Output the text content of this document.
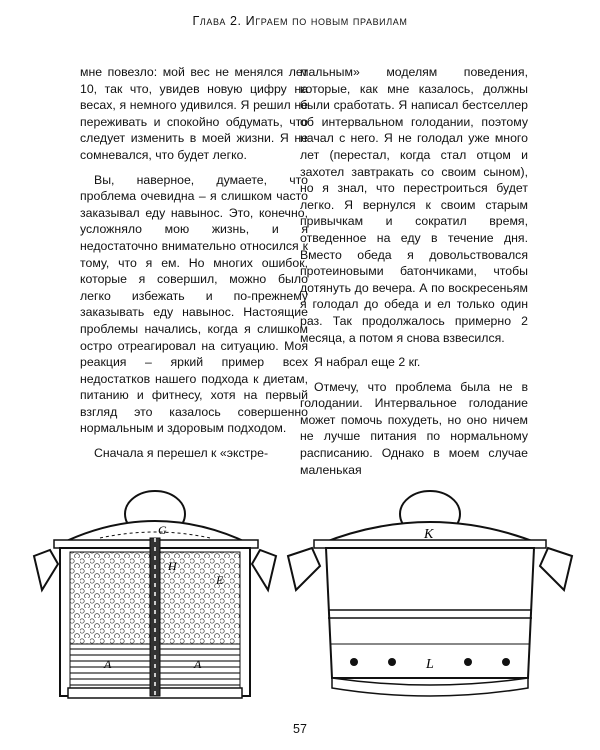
Глава 2. Играем по новым правилам

мне повезло: мой вес не менялся лет 10, так что, увидев новую цифру на весах, я немного удивился. Я решил не переживать и спокойно обдумать, что следует изменить в моей жизни. Я не сомневался, что будет легко.

Вы, наверное, думаете, что проблема очевидна – я слишком часто заказывал еду навынос. Это, конечно, усложняло мою жизнь, и я недостаточно внимательно относился к тому, что я ем. Но многих ошибок, которые я совершил, можно было легко избежать и по-прежнему заказывать еду навынос. Настоящие проблемы начались, когда я слишком остро отреагировал на ситуацию. Моя реакция – яркий пример всех недостатков нашего подхода к диетам, питанию и фитнесу, хотя на первый взгляд это казалось совершенно нормальным и здоровым подходом.

Сначала я перешел к «экстре-

мальным» моделям поведения, которые, как мне казалось, должны были сработать. Я написал бестселлер об интервальном голодании, поэтому начал с него. Я не голодал уже много лет (перестал, когда стал отцом и захотел завтракать со своим сыном), но я знал, что перестроиться будет легко. Я вернулся к своим старым привычкам и сократил время, отведенное на еду в течение дня. Вместо обеда я довольствовался протеиновыми батончиками, чтобы дотянуть до вечера. А по воскресеньям я голодал до обеда и ел только один раз. Так продолжалось примерно 2 месяца, а потом я снова взвесился.

Я набрал еще 2 кг.

Отмечу, что проблема была не в голодании. Интервальное голодание может помочь похудеть, но оно ничем не лучше питания по нормальному расписанию. Однако в моем случае маленькая

G
H
E
A	A
K
L
57
